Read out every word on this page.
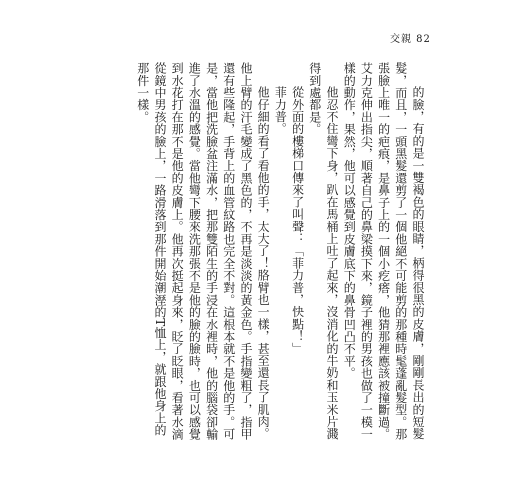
交親 82

的臉，有的是一雙褐色的眼睛，柄得很黑的皮膚，剛剛長出的短髮髮，而且，一頭黑髮還剪了一個他絕不可能剪的那種時髦蓬亂髮型。那張臉上唯一的疤痕，是鼻子上的一個小疙瘩，他猜那裡應該被撞斷過。艾力克伸出指尖，順著自己的鼻梁摸下來，鏡子裡的男孩也做了一模一樣的動作，果然，他可以感覺到皮膚底下的鼻骨凹凸不平。

他忍不住彎下身，趴在馬桶上吐了起來，沒消化的牛奶和玉米片濺得到處都是。

從外面的樓梯口傳來了叫聲：「菲力普，快點！」

菲力普。

他仔細的看了看他的手，太大了！胳臂也一樣，甚至還長了肌肉。他上臂的汗毛變成了黑色的，不再是淡淡的黃金色。手指變粗了，指甲還有些隆起，手背上的血管紋路也完全不對。這根本就不是他的手。可是，當他把洗臉盆注滿水，把那雙陌生的手浸在水裡時，他的腦袋卻輸進了水溫的感覺。當他彎下腰來洗那張不是他的臉的臉時，也可以感覺到水花打在那不是他的皮膚上。他再次挺起身來，眨了眨眼，看著水滴從鏡中男孩的臉上，一路滑落到那件開始潮溼的T恤上，就跟他身上的那件一樣。
